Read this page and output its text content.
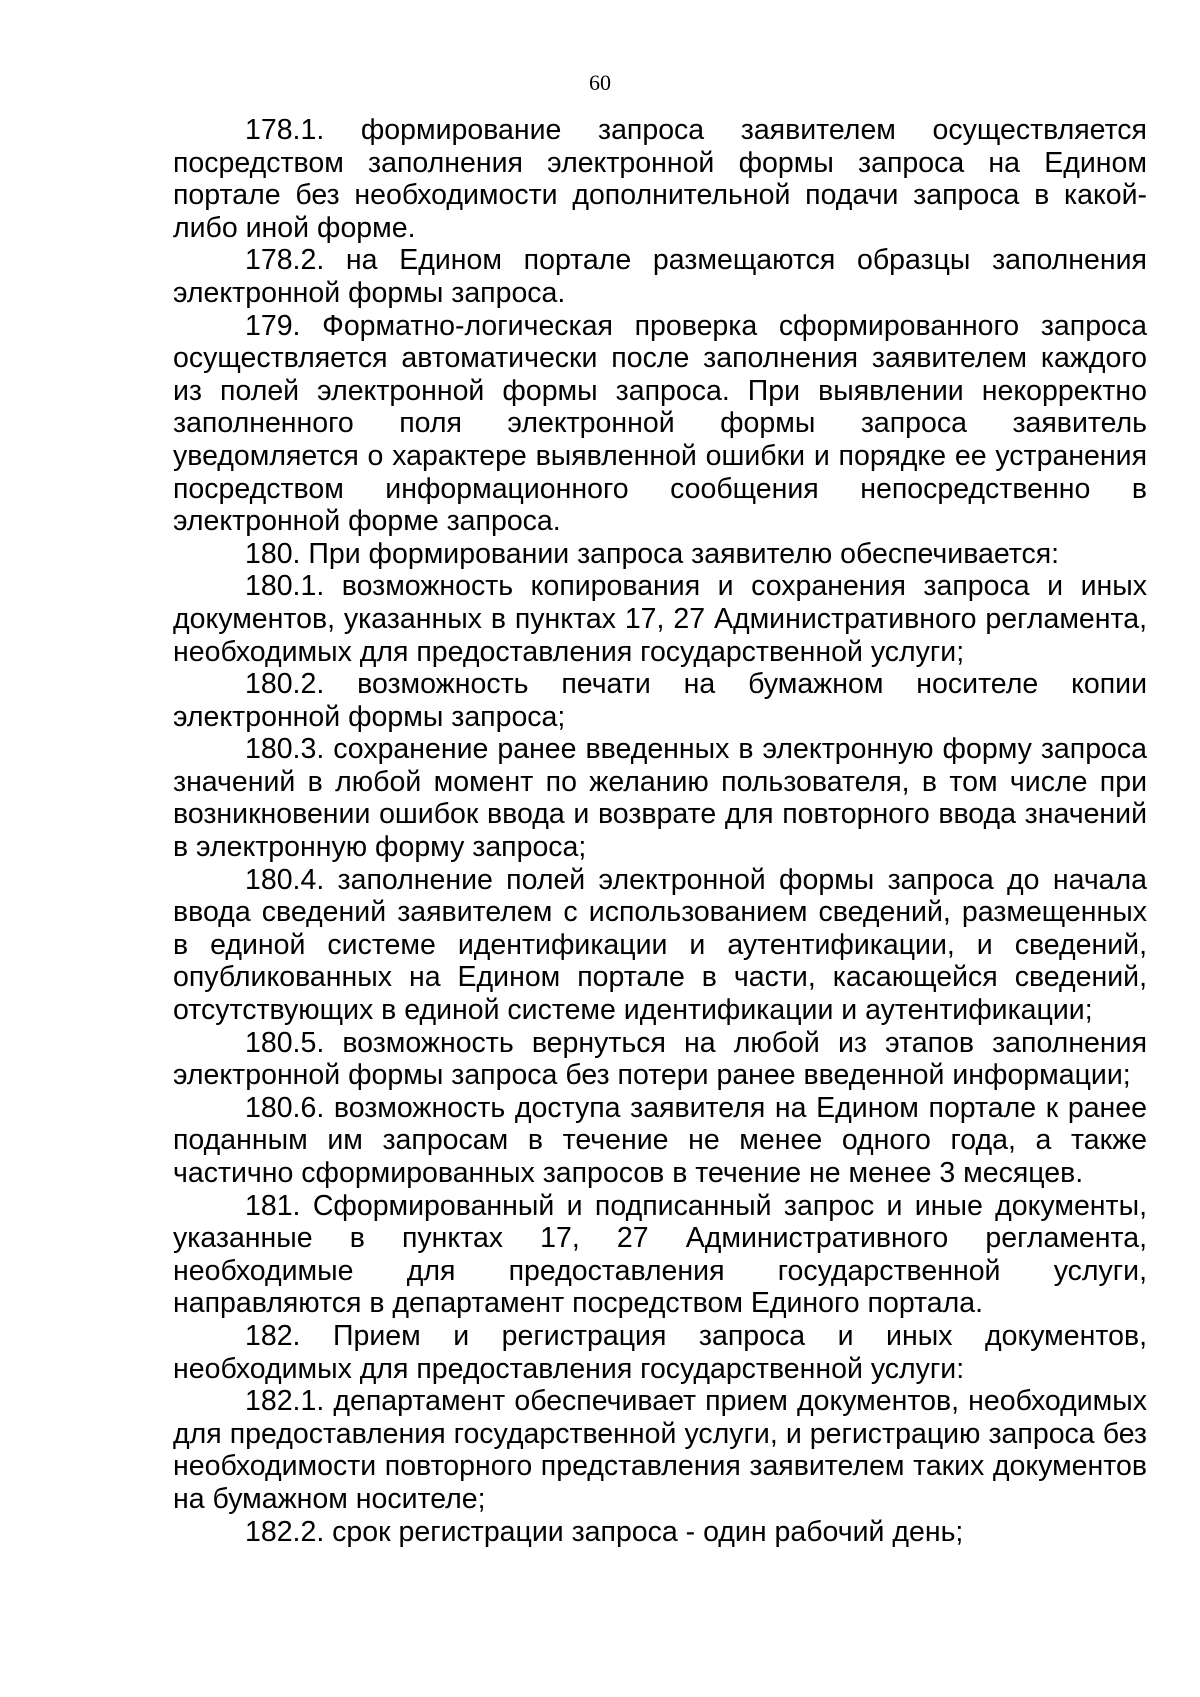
60

178.1. формирование запроса заявителем осуществляется посредством заполнения электронной формы запроса на Едином портале без необходимости дополнительной подачи запроса в какой-либо иной форме.

178.2. на Едином портале размещаются образцы заполнения электронной формы запроса.

179. Форматно-логическая проверка сформированного запроса осуществляется автоматически после заполнения заявителем каждого из полей электронной формы запроса. При выявлении некорректно заполненного поля электронной формы запроса заявитель уведомляется о характере выявленной ошибки и порядке ее устранения посредством информационного сообщения непосредственно в электронной форме запроса.

180. При формировании запроса заявителю обеспечивается:

180.1. возможность копирования и сохранения запроса и иных документов, указанных в пунктах 17, 27 Административного регламента, необходимых для предоставления государственной услуги;

180.2. возможность печати на бумажном носителе копии электронной формы запроса;

180.3. сохранение ранее введенных в электронную форму запроса значений в любой момент по желанию пользователя, в том числе при возникновении ошибок ввода и возврате для повторного ввода значений в электронную форму запроса;

180.4. заполнение полей электронной формы запроса до начала ввода сведений заявителем с использованием сведений, размещенных в единой системе идентификации и аутентификации, и сведений, опубликованных на Едином портале в части, касающейся сведений, отсутствующих в единой системе идентификации и аутентификации;

180.5. возможность вернуться на любой из этапов заполнения электронной формы запроса без потери ранее введенной информации;

180.6. возможность доступа заявителя на Едином портале к ранее поданным им запросам в течение не менее одного года, а также частично сформированных запросов в течение не менее 3 месяцев.

181. Сформированный и подписанный запрос и иные документы, указанные в пунктах 17, 27 Административного регламента, необходимые для предоставления государственной услуги, направляются в департамент посредством Единого портала.

182. Прием и регистрация запроса и иных документов, необходимых для предоставления государственной услуги:

182.1. департамент обеспечивает прием документов, необходимых для предоставления государственной услуги, и регистрацию запроса без необходимости повторного представления заявителем таких документов на бумажном носителе;

182.2. срок регистрации запроса - один рабочий день;
